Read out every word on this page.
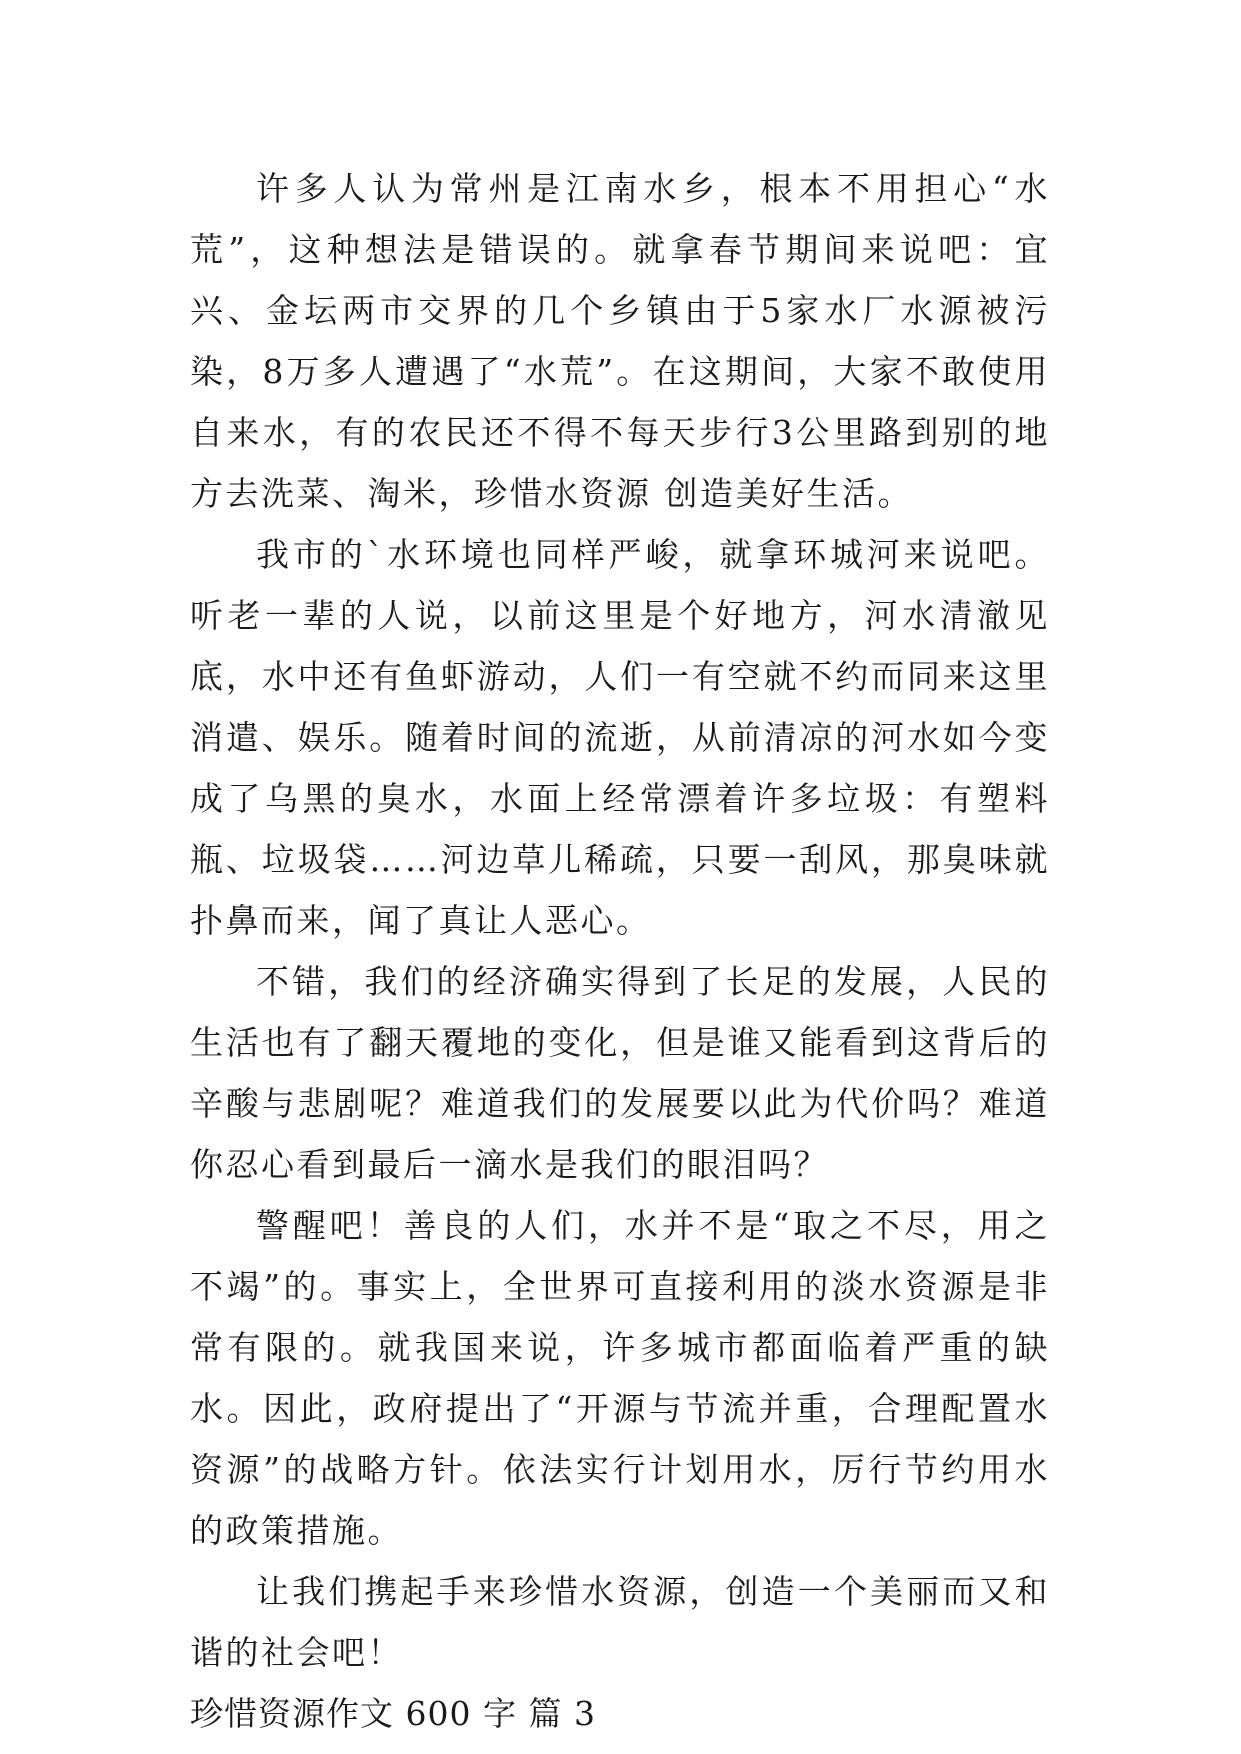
许多人认为常州是江南水乡，根本不用担心“水荒”，这种想法是错误的。就拿春节期间来说吧：宜兴、金坛两市交界的几个乡镇由于5家水厂水源被污染，8万多人遭遇了“水荒”。在这期间，大家不敢使用自来水，有的农民还不得不每天步行3公里路到别的地方去洗菜、淘米，珍惜水资源 创造美好生活。

我市的`水环境也同样严峻，就拿环城河来说吧。听老一辈的人说，以前这里是个好地方，河水清澈见底，水中还有鱼虾游动，人们一有空就不约而同来这里消遣、娱乐。随着时间的流逝，从前清凉的河水如今变成了乌黑的臭水，水面上经常漂着许多垃圾：有塑料瓶、垃圾袋……河边草儿稀疏，只要一刮风，那臭味就扑鼻而来，闻了真让人恶心。

不错，我们的经济确实得到了长足的发展，人民的生活也有了翻天覆地的变化，但是谁又能看到这背后的辛酸与悲剧呢？难道我们的发展要以此为代价吗？难道你忍心看到最后一滴水是我们的眼泪吗？

警醒吧！善良的人们，水并不是“取之不尽，用之不竭”的。事实上，全世界可直接利用的淡水资源是非常有限的。就我国来说，许多城市都面临着严重的缺水。因此，政府提出了“开源与节流并重，合理配置水资源”的战略方针。依法实行计划用水，厉行节约用水的政策措施。

让我们携起手来珍惜水资源，创造一个美丽而又和谐的社会吧！

珍惜资源作文 600 字 篇 3
